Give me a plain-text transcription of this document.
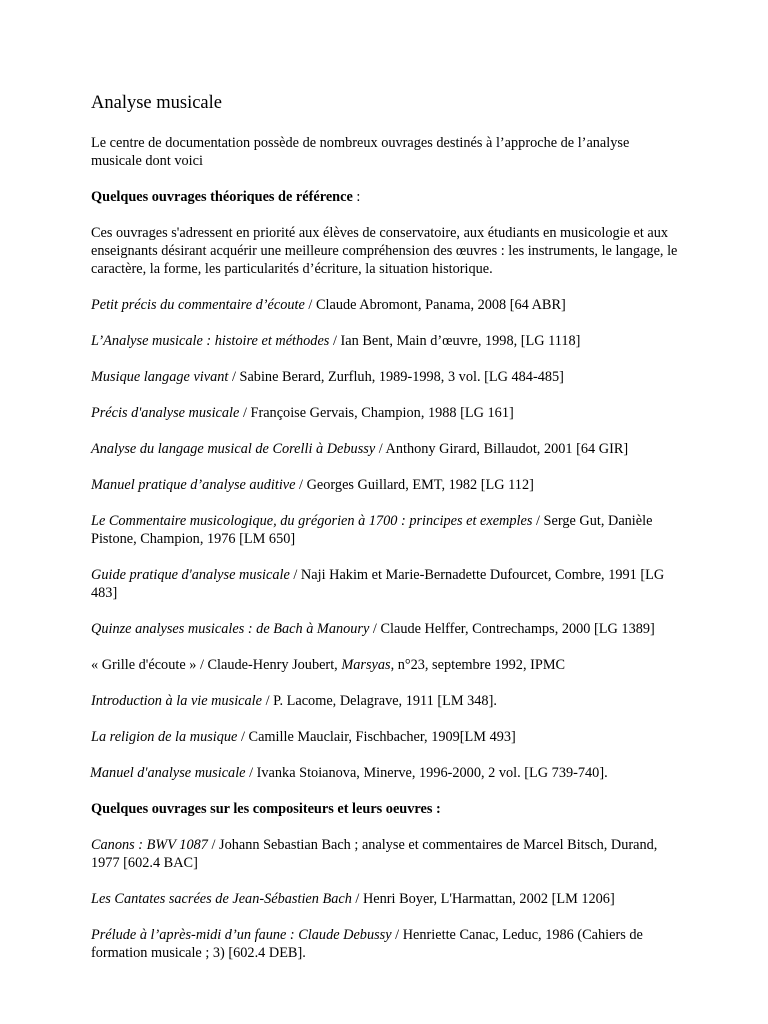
Analyse musicale
Le centre de documentation possède de nombreux ouvrages destinés à l’approche de l’analyse musicale dont voici
Quelques ouvrages théoriques de référence :
Ces ouvrages s'adressent en priorité aux élèves de conservatoire, aux étudiants en musicologie et aux enseignants désirant acquérir une meilleure compréhension des œuvres : les instruments, le langage, le caractère, la forme, les particularités d’écriture, la situation historique.
Petit précis du commentaire d’écoute / Claude Abromont, Panama, 2008 [64 ABR]
L’Analyse musicale : histoire et méthodes / Ian Bent, Main d’œuvre, 1998, [LG 1118]
Musique langage vivant / Sabine Berard, Zurfluh, 1989-1998, 3 vol. [LG 484-485]
Précis d'analyse musicale / Françoise Gervais, Champion, 1988 [LG 161]
Analyse du langage musical de Corelli à Debussy / Anthony Girard, Billaudot, 2001 [64 GIR]
Manuel pratique d’analyse auditive / Georges Guillard, EMT, 1982 [LG 112]
Le Commentaire musicologique, du grégorien à 1700 : principes et exemples / Serge Gut, Danièle Pistone, Champion, 1976 [LM 650]
Guide pratique d'analyse musicale / Naji Hakim et Marie-Bernadette Dufourcet, Combre, 1991 [LG 483]
Quinze analyses musicales : de Bach à Manoury / Claude Helffer, Contrechamps, 2000 [LG 1389]
« Grille d'écoute » / Claude-Henry Joubert, Marsyas, n°23, septembre 1992, IPMC
Introduction à la vie musicale / P. Lacome, Delagrave, 1911 [LM 348].
La religion de la musique / Camille Mauclair, Fischbacher, 1909[LM 493]
Manuel d'analyse musicale / Ivanka Stoianova, Minerve, 1996-2000, 2 vol. [LG 739-740].
Quelques ouvrages sur les compositeurs et leurs oeuvres :
Canons : BWV 1087 / Johann Sebastian Bach ; analyse et commentaires de Marcel Bitsch, Durand, 1977 [602.4 BAC]
Les Cantates sacrées de Jean-Sébastien Bach / Henri Boyer, L'Harmattan, 2002 [LM 1206]
Prélude à l’après-midi d’un faune : Claude Debussy / Henriette Canac, Leduc, 1986 (Cahiers de formation musicale ; 3) [602.4 DEB].
